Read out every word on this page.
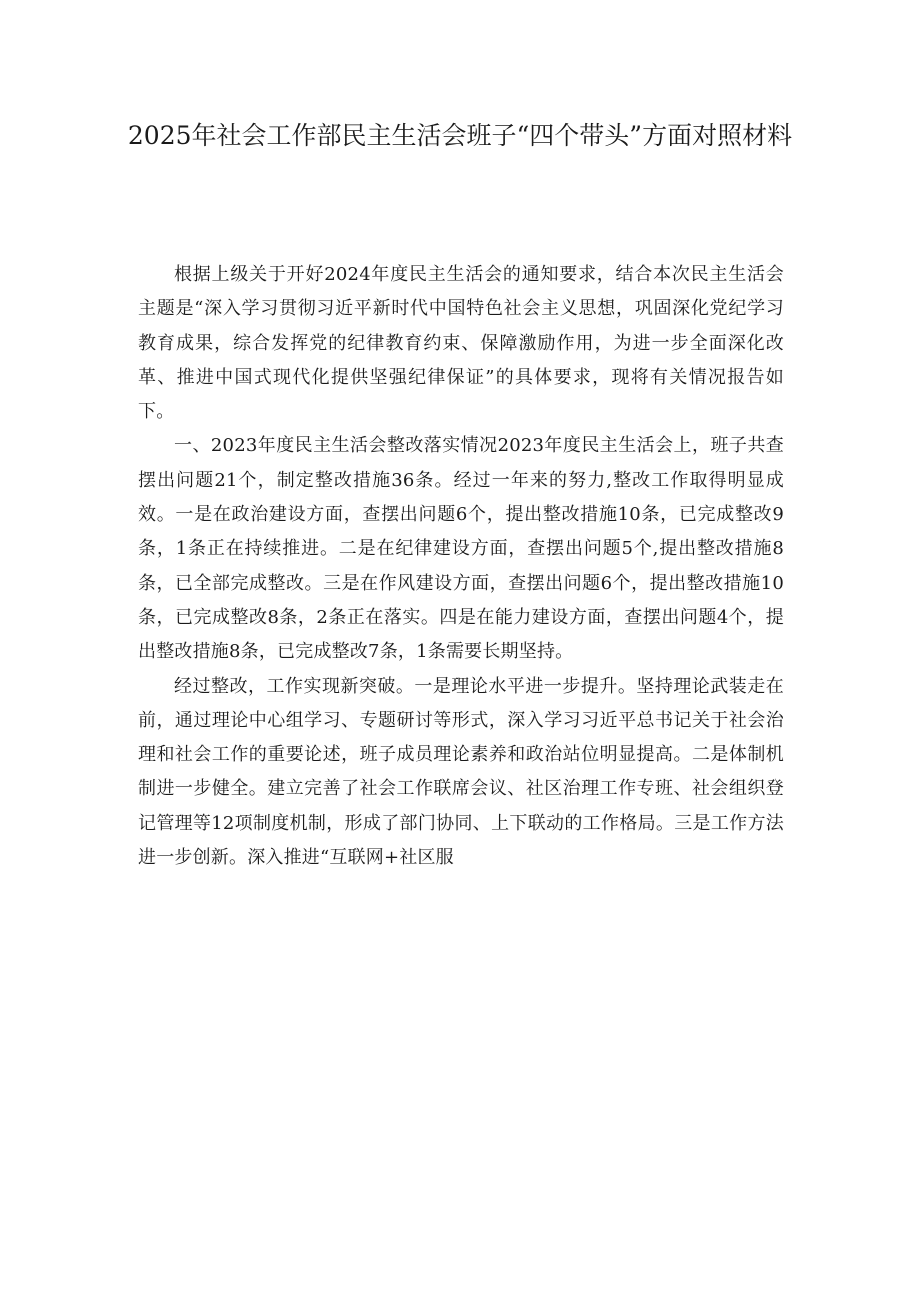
2025年社会工作部民主生活会班子“四个带头”方面对照材料

根据上级关于开好2024年度民主生活会的通知要求，结合本次民主生活会主题是“深入学习贯彻习近平新时代中国特色社会主义思想，巩固深化党纪学习教育成果，综合发挥党的纪律教育约束、保障激励作用，为进一步全面深化改革、推进中国式现代化提供坚强纪律保证”的具体要求，现将有关情况报告如下。

一、2023年度民主生活会整改落实情况2023年度民主生活会上，班子共查摆出问题21个，制定整改措施36条。经过一年来的努力,整改工作取得明显成效。一是在政治建设方面，查摆出问题6个，提出整改措施10条，已完成整改9条，1条正在持续推进。二是在纪律建设方面，查摆出问题5个,提出整改措施8条，已全部完成整改。三是在作风建设方面，查摆出问题6个，提出整改措施10条，已完成整改8条，2条正在落实。四是在能力建设方面，查摆出问题4个，提出整改措施8条，已完成整改7条，1条需要长期坚持。

经过整改，工作实现新突破。一是理论水平进一步提升。坚持理论武装走在前，通过理论中心组学习、专题研讨等形式，深入学习习近平总书记关于社会治理和社会工作的重要论述，班子成员理论素养和政治站位明显提高。二是体制机制进一步健全。建立完善了社会工作联席会议、社区治理工作专班、社会组织登记管理等12项制度机制，形成了部门协同、上下联动的工作格局。三是工作方法进一步创新。深入推进“互联网+社区服
